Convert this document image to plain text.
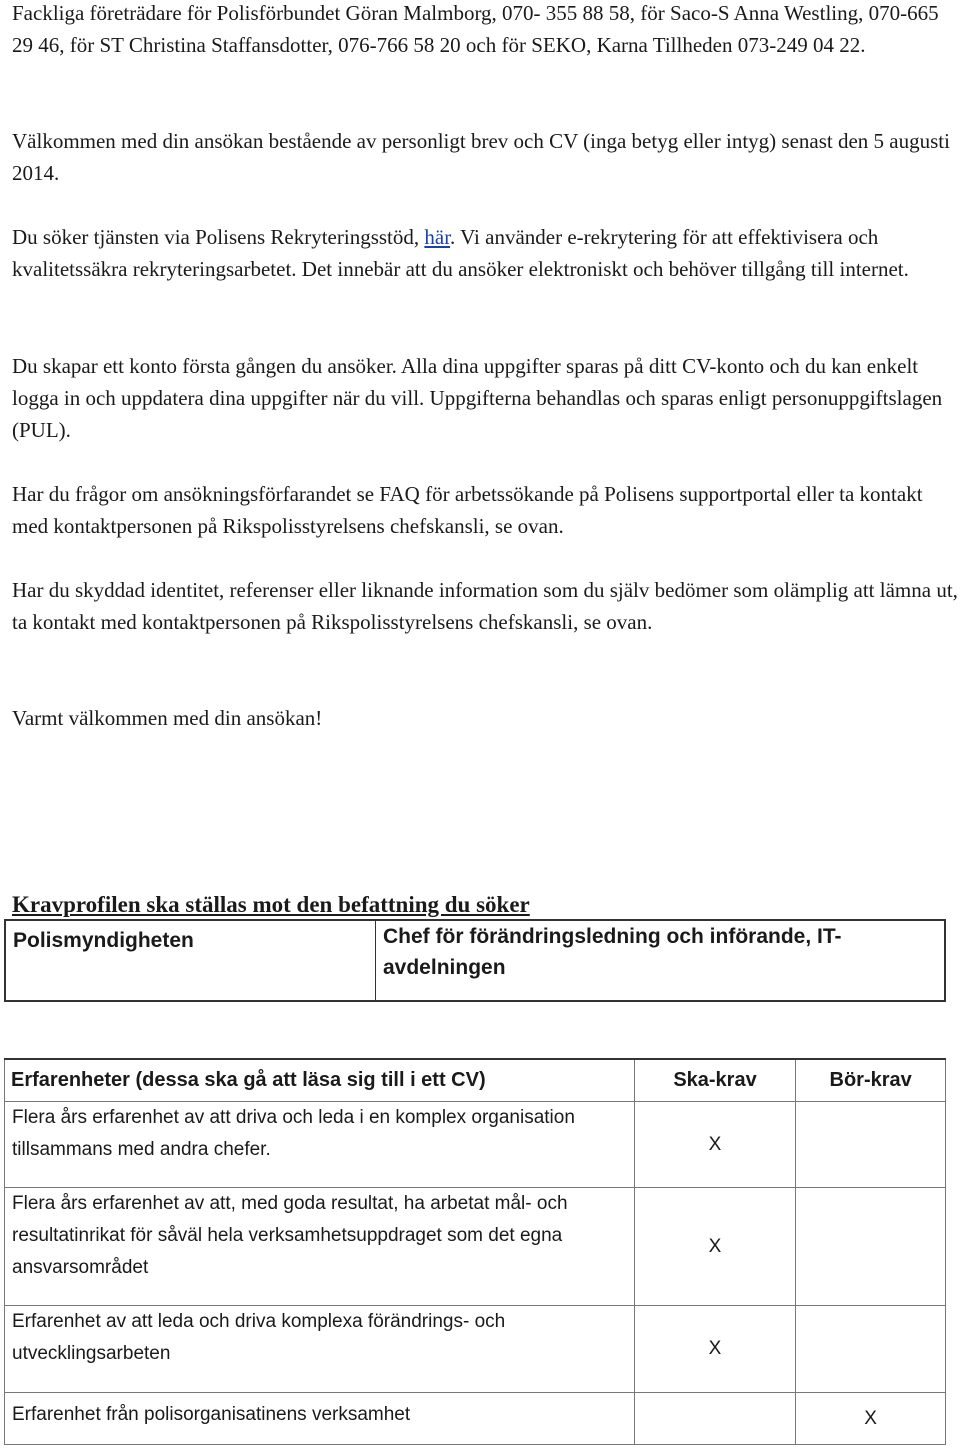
Fackliga företrädare för Polisförbundet Göran Malmborg, 070- 355 88 58, för Saco-S Anna Westling, 070-665 29 46, för ST Christina Staffansdotter, 076-766 58 20 och för SEKO, Karna Tillheden 073-249 04 22.

Välkommen med din ansökan bestående av personligt brev och CV (inga betyg eller intyg) senast den 5 augusti 2014.

Du söker tjänsten via Polisens Rekryteringsstöd, här. Vi använder e-rekrytering för att effektivisera och kvalitetssäkra rekryteringsarbetet. Det innebär att du ansöker elektroniskt och behöver tillgång till internet.

Du skapar ett konto första gången du ansöker. Alla dina uppgifter sparas på ditt CV-konto och du kan enkelt logga in och uppdatera dina uppgifter när du vill. Uppgifterna behandlas och sparas enligt personuppgiftslagen (PUL).

Har du frågor om ansökningsförfarandet se FAQ för arbetssökande på Polisens supportportal eller ta kontakt med kontaktpersonen på Rikspolisstyrelsens chefskansli, se ovan.

Har du skyddad identitet, referenser eller liknande information som du själv bedömer som olämplig att lämna ut, ta kontakt med kontaktpersonen på Rikspolisstyrelsens chefskansli, se ovan.

Varmt välkommen med din ansökan!

Kravprofilen ska ställas mot den befattning du söker

Polismyndigheten	Chef för förändringsledning och införande, IT-avdelningen
Erfarenheter (dessa ska gå att läsa sig till i ett CV)	Ska-krav	Bör-krav
Flera års erfarenhet av att driva och leda i en komplex organisation tillsammans med andra chefer.	X	
Flera års erfarenhet av att, med goda resultat, ha arbetat mål- och resultatinrikat för såväl hela verksamhetsuppdraget som det egna ansvarsområdet	X	
Erfarenhet av att leda och driva komplexa förändrings- och utvecklingsarbeten	X	
Erfarenhet från polisorganisatinens verksamhet		X
